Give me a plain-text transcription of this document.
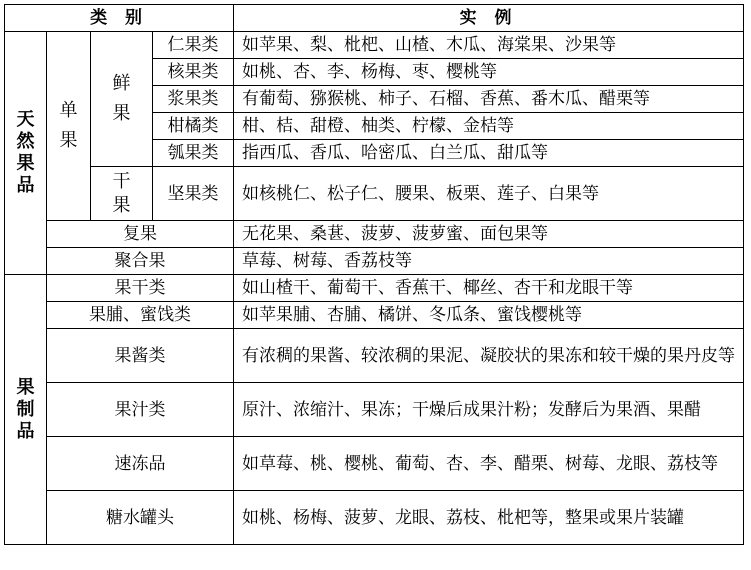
类 别				实 例

天然果品	单果	鲜果	仁果类	如苹果、梨、枇杷、山楂、木瓜、海棠果、沙果等
			核果类	如桃、杏、李、杨梅、枣、樱桃等
			浆果类	有葡萄、猕猴桃、柿子、石榴、香蕉、番木瓜、醋栗等
			柑橘类	柑、桔、甜橙、柚类、柠檬、金桔等
			瓠果类	指西瓜、香瓜、哈密瓜、白兰瓜、甜瓜等

		干果	坚果类	如核桃仁、松子仁、腰果、板栗、莲子、白果等
	复果			无花果、桑葚、菠萝、菠萝蜜、面包果等
	聚合果			草莓、树莓、香荔枝等

果制品	果干类			如山楂干、葡萄干、香蕉干、椰丝、杏干和龙眼干等
	果脯、蜜饯类			如苹果脯、杏脯、橘饼、冬瓜条、蜜饯樱桃等
	果酱类			有浓稠的果酱、较浓稠的果泥、凝胶状的果冻和较干燥的果丹皮等
	果汁类			原汁、浓缩汁、果冻；干燥后成果汁粉；发酵后为果酒、果醋
	速冻品			如草莓、桃、樱桃、葡萄、杏、李、醋栗、树莓、龙眼、荔枝等
	糖水罐头			如桃、杨梅、菠萝、龙眼、荔枝、枇杷等，整果或果片装罐
